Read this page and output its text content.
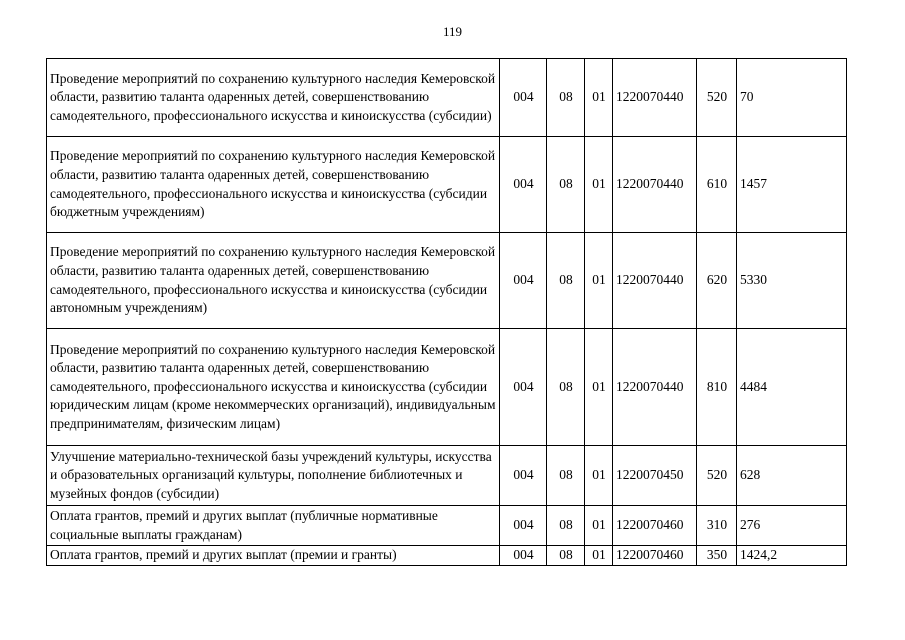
119
Проведение мероприятий по сохранению культурного наследия Кемеровской области, развитию таланта одаренных детей, совершенствованию самодеятельного, профессионального искусства и киноискусства (субсидии)	004	08	01	1220070440	520	70
Проведение мероприятий по сохранению культурного наследия Кемеровской области, развитию таланта одаренных детей, совершенствованию самодеятельного, профессионального искусства и киноискусства (субсидии бюджетным учреждениям)	004	08	01	1220070440	610	1457
Проведение мероприятий по сохранению культурного наследия Кемеровской области, развитию таланта одаренных детей, совершенствованию самодеятельного, профессионального искусства и киноискусства (субсидии автономным учреждениям)	004	08	01	1220070440	620	5330
Проведение мероприятий по сохранению культурного наследия Кемеровской области, развитию таланта одаренных детей, совершенствованию самодеятельного, профессионального искусства и киноискусства (субсидии юридическим лицам (кроме некоммерческих организаций), индивидуальным предпринимателям, физическим лицам)	004	08	01	1220070440	810	4484
Улучшение материально-технической базы учреждений культуры, искусства и образовательных организаций культуры, пополнение библиотечных и музейных фондов (субсидии)	004	08	01	1220070450	520	628
Оплата грантов, премий и других выплат (публичные нормативные социальные выплаты гражданам)	004	08	01	1220070460	310	276
Оплата грантов, премий и других выплат (премии и гранты)	004	08	01	1220070460	350	1424,2
